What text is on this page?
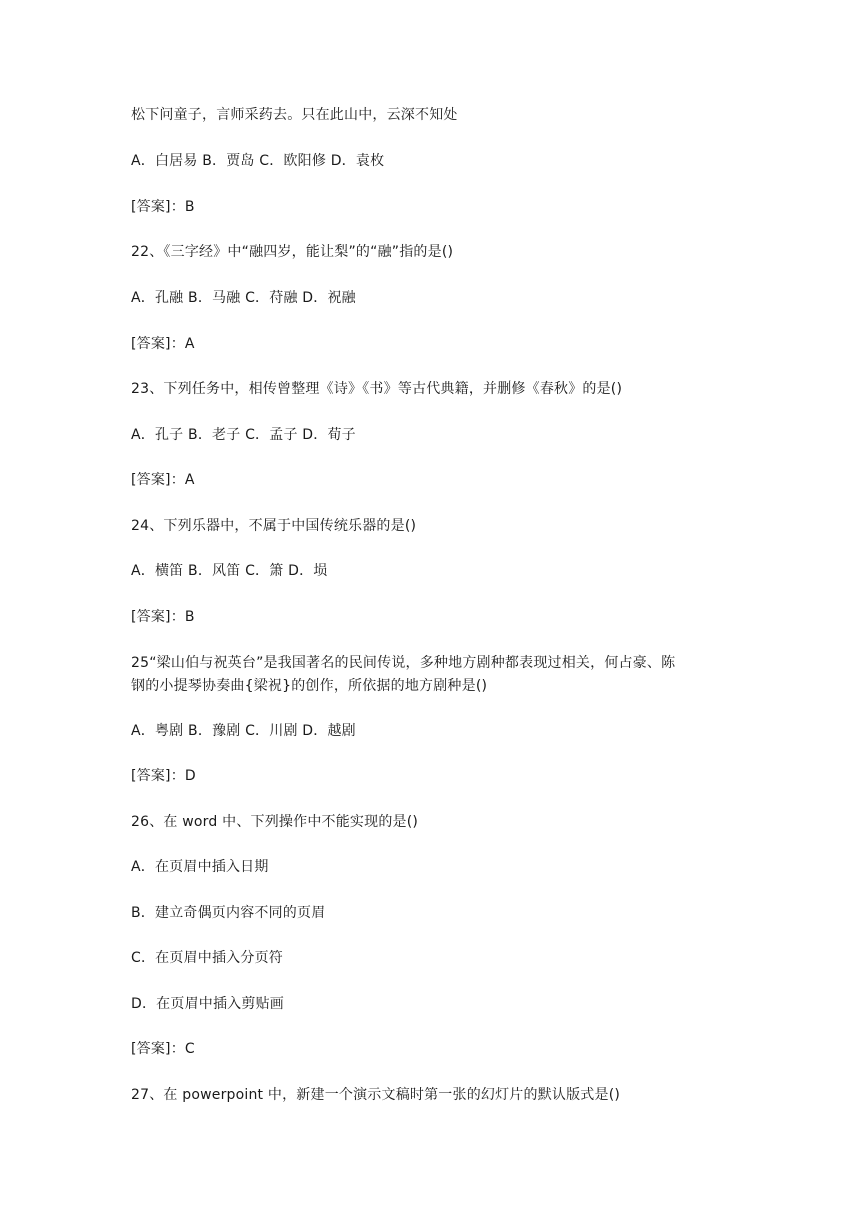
松下问童子，言师采药去。只在此山中，云深不知处
A．白居易 B．贾岛 C．欧阳修 D．袁枚
[答案]：B
22、《三字经》中“融四岁，能让梨”的“融”指的是()
A．孔融 B．马融 C．苻融 D．祝融
[答案]：A
23、下列任务中，相传曾整理《诗》《书》等古代典籍，并删修《春秋》的是()
A．孔子 B．老子 C．孟子 D．荀子
[答案]：A
24、下列乐器中，不属于中国传统乐器的是()
A．横笛 B．风笛 C．箫 D．埙
[答案]：B
25“梁山伯与祝英台”是我国著名的民间传说，多种地方剧种都表现过相关，何占豪、陈
钢的小提琴协奏曲{梁祝}的创作，所依据的地方剧种是()
A．粤剧 B．豫剧 C．川剧 D．越剧
[答案]：D
26、在 word 中、下列操作中不能实现的是()
A．在页眉中插入日期
B．建立奇偶页内容不同的页眉
C．在页眉中插入分页符
D．在页眉中插入剪贴画
[答案]：C
27、在 powerpoint 中，新建一个演示文稿时第一张的幻灯片的默认版式是()
